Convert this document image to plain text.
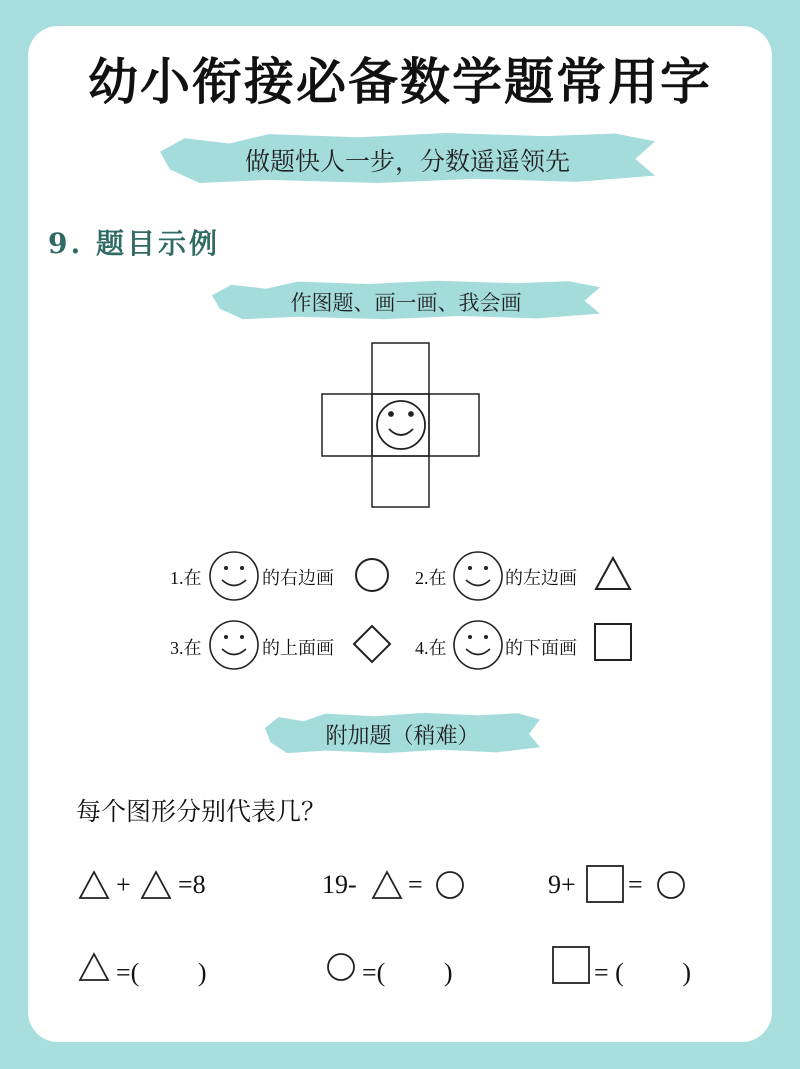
幼小衔接必备数学题常用字
做题快人一步，分数遥遥领先
9. 题目示例
作图题、画一画、我会画
1.在	的右边画	2.在	的左边画
3.在	的上面画	4.在	的下面画
附加题（稍难）
每个图形分别代表几？
+ =8	19- =	9+ =
=(　　 )	=(　　 )	= (　　 )
